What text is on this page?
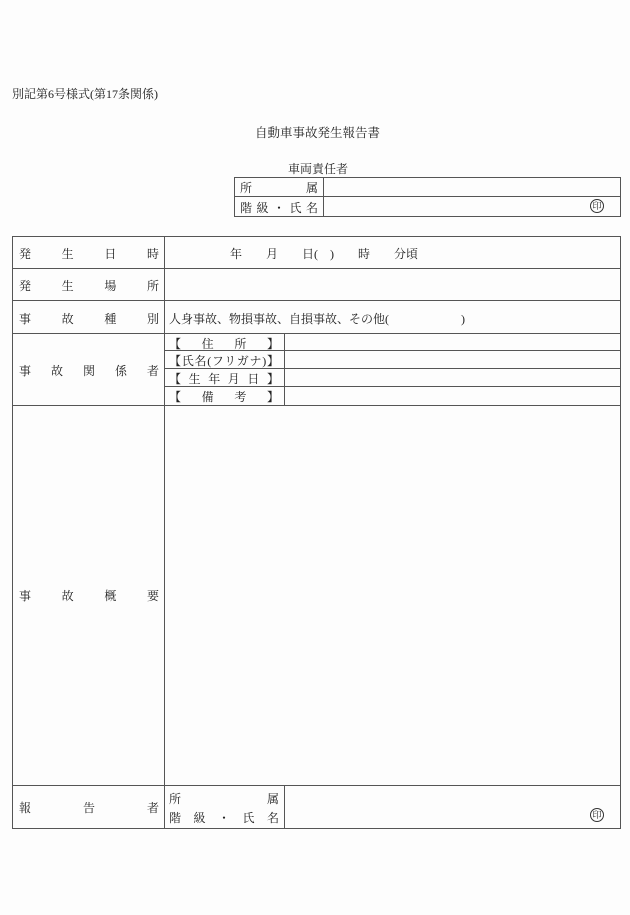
別記第6号様式(第17条関係)
自動車事故発生報告書
車両責任者
所属
階級・氏名	印
発生日時	年　　月　　日(　)　　時　　分頃
発生場所
事故種別 人身事故、物損事故、自損事故、その他(　　　　　　)
事故関係者
【住所】
【氏名(フリガナ)】
【生年月日】
【備考】
事故概要
報告者
所属
階級・氏名	印
